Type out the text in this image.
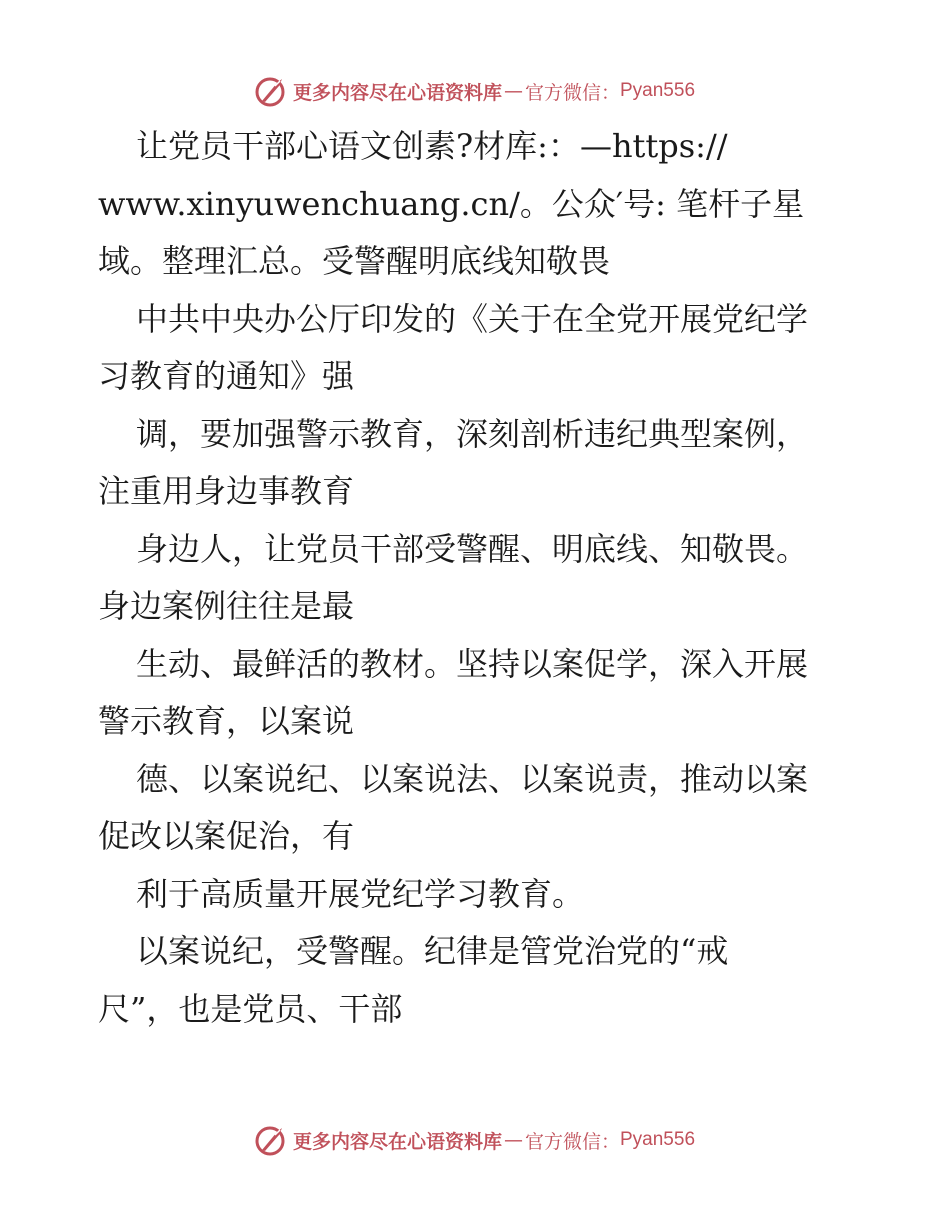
更多内容尽在心语资料库 — 官方微信： Pyan556
让党员干部心语文创素?材库:：—https://
www.xinyuwenchuang.cn/。公众′号: 笔杆子星
域。整理汇总。受警醒明底线知敬畏
中共中央办公厅印发的《关于在全党开展党纪学
习教育的通知》强
调，要加强警示教育，深刻剖析违纪典型案例，
注重用身边事教育
身边人，让党员干部受警醒、明底线、知敬畏。
身边案例往往是最
生动、最鲜活的教材。坚持以案促学，深入开展
警示教育，以案说
德、以案说纪、以案说法、以案说责，推动以案
促改以案促治，有
利于高质量开展党纪学习教育。
以案说纪，受警醒。纪律是管党治党的“戒
尺”，也是党员、干部
更多内容尽在心语资料库 — 官方微信： Pyan556
